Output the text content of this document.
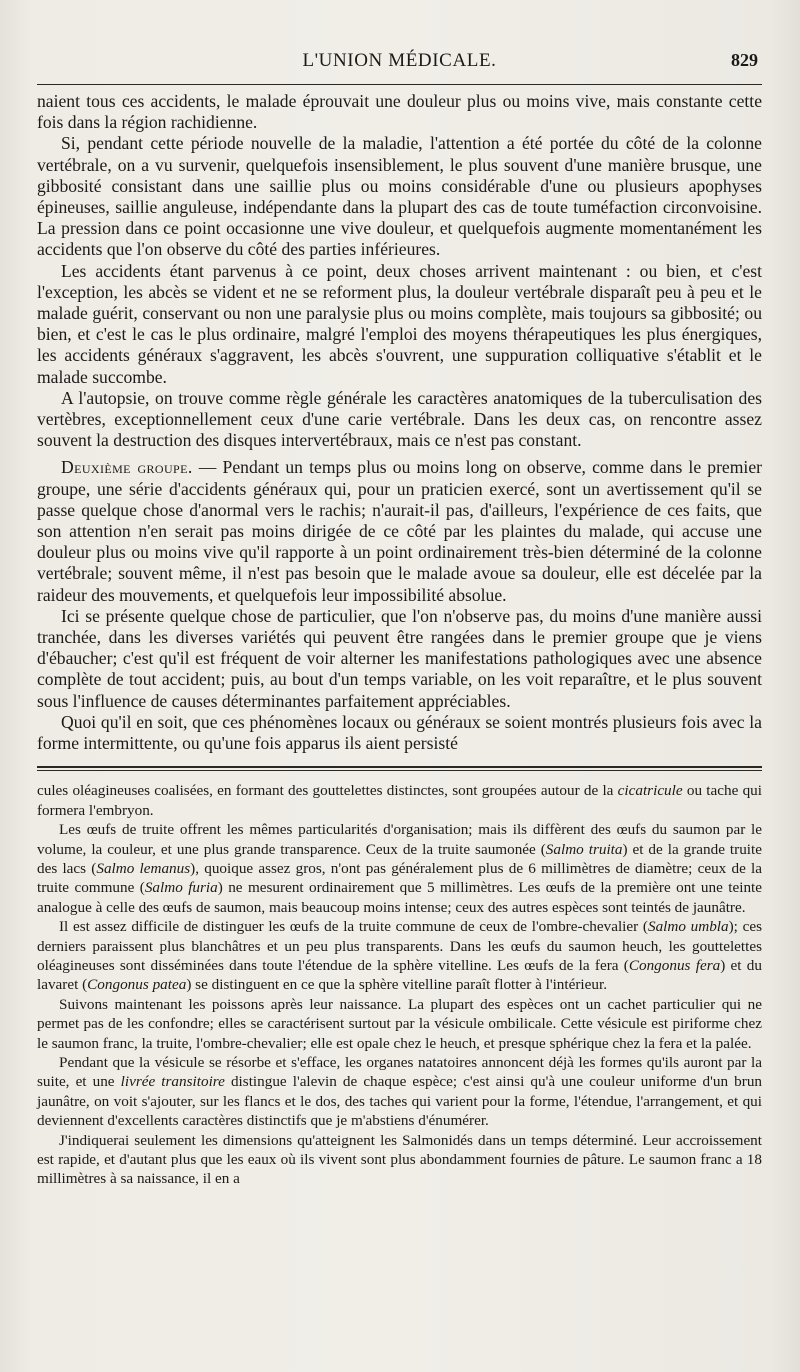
L'UNION MÉDICALE.	829

naient tous ces accidents, le malade éprouvait une douleur plus ou moins vive, mais constante cette fois dans la région rachidienne.

Si, pendant cette période nouvelle de la maladie, l'attention a été portée du côté de la colonne vertébrale, on a vu survenir, quelquefois insensiblement, le plus souvent d'une manière brusque, une gibbosité consistant dans une saillie plus ou moins considérable d'une ou plusieurs apophyses épineuses, saillie anguleuse, indépendante dans la plupart des cas de toute tuméfaction circonvoisine. La pression dans ce point occasionne une vive douleur, et quelquefois augmente momentanément les accidents que l'on observe du côté des parties inférieures.

Les accidents étant parvenus à ce point, deux choses arrivent maintenant : ou bien, et c'est l'exception, les abcès se vident et ne se reforment plus, la douleur vertébrale disparaît peu à peu et le malade guérit, conservant ou non une paralysie plus ou moins complète, mais toujours sa gibbosité; ou bien, et c'est le cas le plus ordinaire, malgré l'emploi des moyens thérapeutiques les plus énergiques, les accidents généraux s'aggravent, les abcès s'ouvrent, une suppuration colliquative s'établit et le malade succombe.

A l'autopsie, on trouve comme règle générale les caractères anatomiques de la tuberculisation des vertèbres, exceptionnellement ceux d'une carie vertébrale. Dans les deux cas, on rencontre assez souvent la destruction des disques intervertébraux, mais ce n'est pas constant.

Deuxième groupe. — Pendant un temps plus ou moins long on observe, comme dans le premier groupe, une série d'accidents généraux qui, pour un praticien exercé, sont un avertissement qu'il se passe quelque chose d'anormal vers le rachis; n'aurait-il pas, d'ailleurs, l'expérience de ces faits, que son attention n'en serait pas moins dirigée de ce côté par les plaintes du malade, qui accuse une douleur plus ou moins vive qu'il rapporte à un point ordinairement très-bien déterminé de la colonne vertébrale; souvent même, il n'est pas besoin que le malade avoue sa douleur, elle est décelée par la raideur des mouvements, et quelquefois leur impossibilité absolue.

Ici se présente quelque chose de particulier, que l'on n'observe pas, du moins d'une manière aussi tranchée, dans les diverses variétés qui peuvent être rangées dans le premier groupe que je viens d'ébaucher; c'est qu'il est fréquent de voir alterner les manifestations pathologiques avec une absence complète de tout accident; puis, au bout d'un temps variable, on les voit reparaître, et le plus souvent sous l'influence de causes déterminantes parfaitement appréciables.

Quoi qu'il en soit, que ces phénomènes locaux ou généraux se soient montrés plusieurs fois avec la forme intermittente, ou qu'une fois apparus ils aient persisté

cules oléagineuses coalisées, en formant des gouttelettes distinctes, sont groupées autour de la cicatricule ou tache qui formera l'embryon.

Les œufs de truite offrent les mêmes particularités d'organisation; mais ils diffèrent des œufs du saumon par le volume, la couleur, et une plus grande transparence. Ceux de la truite saumonée (Salmo truita) et de la grande truite des lacs (Salmo lemanus), quoique assez gros, n'ont pas généralement plus de 6 millimètres de diamètre; ceux de la truite commune (Salmo furia) ne mesurent ordinairement que 5 millimètres. Les œufs de la première ont une teinte analogue à celle des œufs de saumon, mais beaucoup moins intense; ceux des autres espèces sont teintés de jaunâtre.

Il est assez difficile de distinguer les œufs de la truite commune de ceux de l'ombre-chevalier (Salmo umbla); ces derniers paraissent plus blanchâtres et un peu plus transparents. Dans les œufs du saumon heuch, les gouttelettes oléagineuses sont disséminées dans toute l'étendue de la sphère vitelline. Les œufs de la fera (Congonus fera) et du lavaret (Congonus patea) se distinguent en ce que la sphère vitelline paraît flotter à l'intérieur.

Suivons maintenant les poissons après leur naissance. La plupart des espèces ont un cachet particulier qui ne permet pas de les confondre; elles se caractérisent surtout par la vésicule ombilicale. Cette vésicule est piriforme chez le saumon franc, la truite, l'ombre-chevalier; elle est opale chez le heuch, et presque sphérique chez la fera et la palée.

Pendant que la vésicule se résorbe et s'efface, les organes natatoires annoncent déjà les formes qu'ils auront par la suite, et une livrée transitoire distingue l'alevin de chaque espèce; c'est ainsi qu'à une couleur uniforme d'un brun jaunâtre, on voit s'ajouter, sur les flancs et le dos, des taches qui varient pour la forme, l'étendue, l'arrangement, et qui deviennent d'excellents caractères distinctifs que je m'abstiens d'énumérer.

J'indiquerai seulement les dimensions qu'atteignent les Salmonidés dans un temps déterminé. Leur accroissement est rapide, et d'autant plus que les eaux où ils vivent sont plus abondamment fournies de pâture. Le saumon franc a 18 millimètres à sa naissance, il en a
